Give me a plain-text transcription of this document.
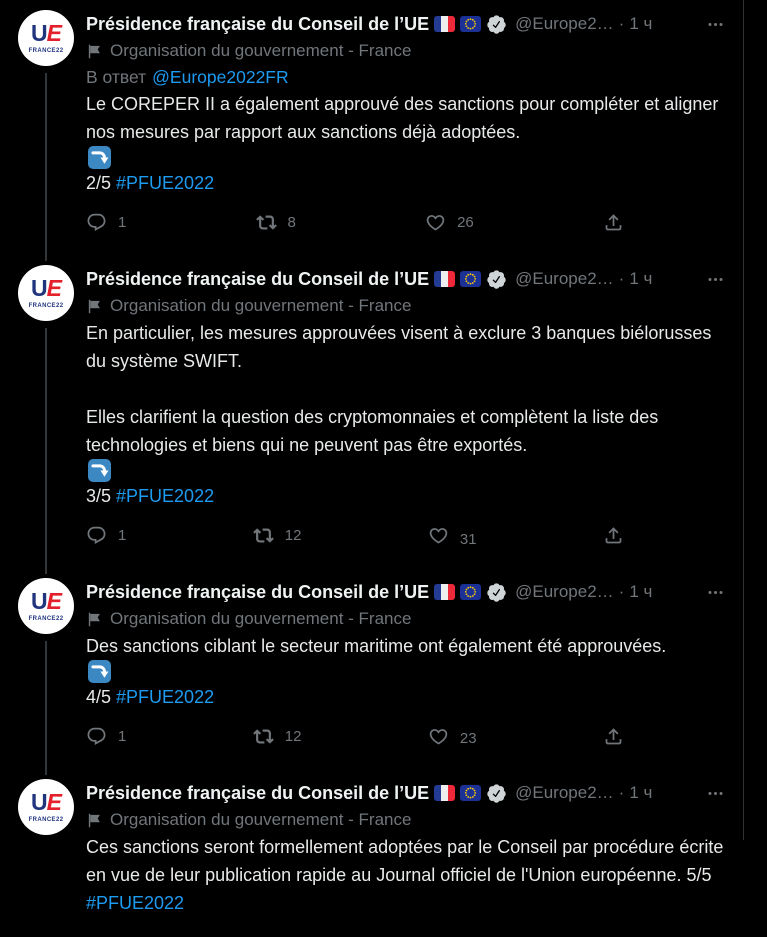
UE
FRANCE22
Présidence française du Conseil de l’UE	@Europe2… · 1 ч
Organisation du gouvernement - France
В ответ @Europe2022FR
Le COREPER II a également approuvé des sanctions pour compléter et aligner nos mesures par rapport aux sanctions déjà adoptées.
2/5 #PFUE2022
1	8	26
UE
FRANCE22
Présidence française du Conseil de l’UE	@Europe2… · 1 ч
Organisation du gouvernement - France
En particulier, les mesures approuvées visent à exclure 3 banques biélorusses du système SWIFT.

Elles clarifient la question des cryptomonnaies et complètent la liste des technologies et biens qui ne peuvent pas être exportés.
3/5 #PFUE2022
1	12	31
UE
FRANCE22
Présidence française du Conseil de l’UE	@Europe2… · 1 ч
Organisation du gouvernement - France
Des sanctions ciblant le secteur maritime ont également été approuvées.
4/5 #PFUE2022
1	12	23
UE
FRANCE22
Présidence française du Conseil de l’UE	@Europe2… · 1 ч
Organisation du gouvernement - France
Ces sanctions seront formellement adoptées par le Conseil par procédure écrite en vue de leur publication rapide au Journal officiel de l'Union européenne. 5/5 #PFUE2022
